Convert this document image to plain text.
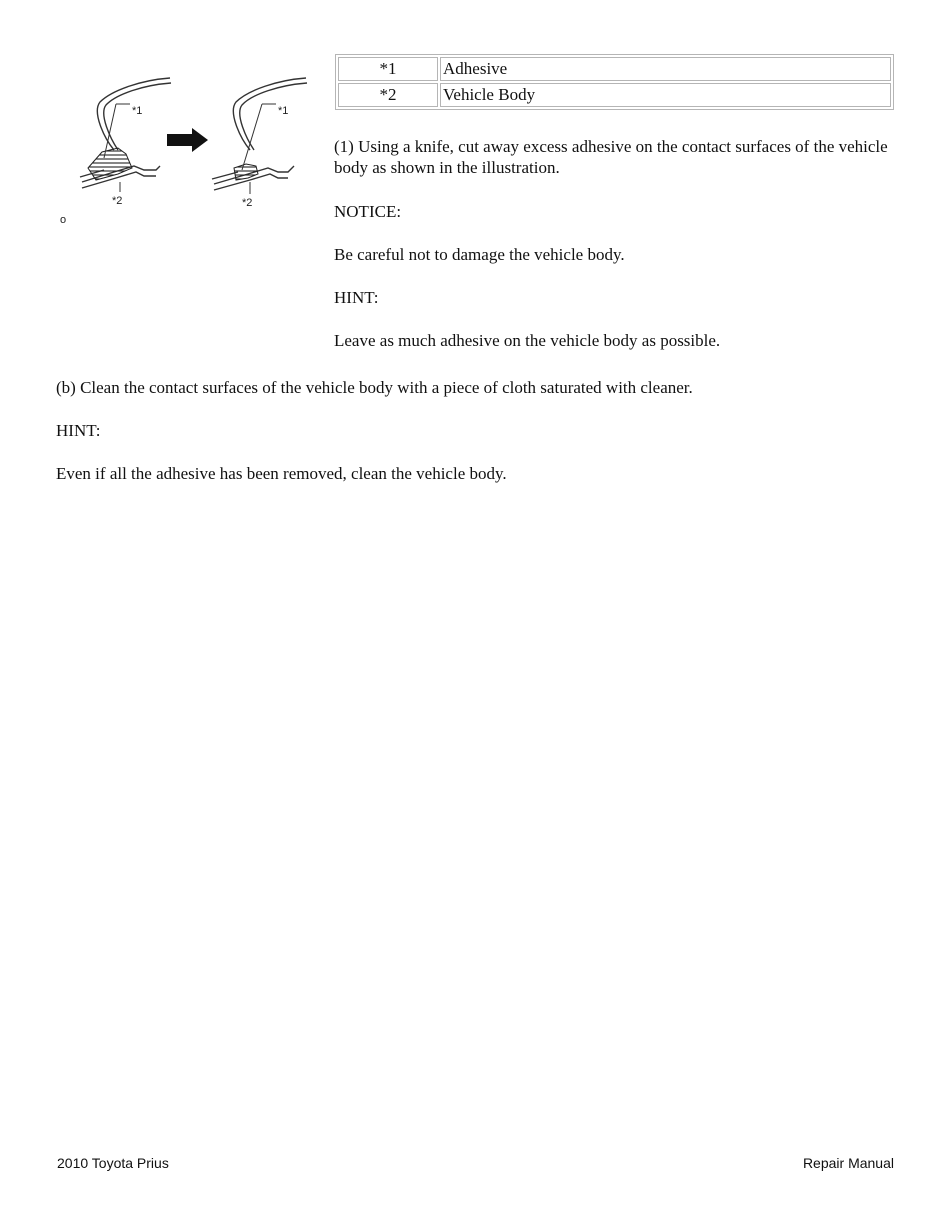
*1
*2
*1
*2
o
*1	Adhesive
*2	Vehicle Body

(1) Using a knife, cut away excess adhesive on the contact surfaces of the vehicle body as shown in the illustration.

NOTICE:

Be careful not to damage the vehicle body.

HINT:

Leave as much adhesive on the vehicle body as possible.

(b) Clean the contact surfaces of the vehicle body with a piece of cloth saturated with cleaner.

HINT:

Even if all the adhesive has been removed, clean the vehicle body.

2010 Toyota Prius	Repair Manual
